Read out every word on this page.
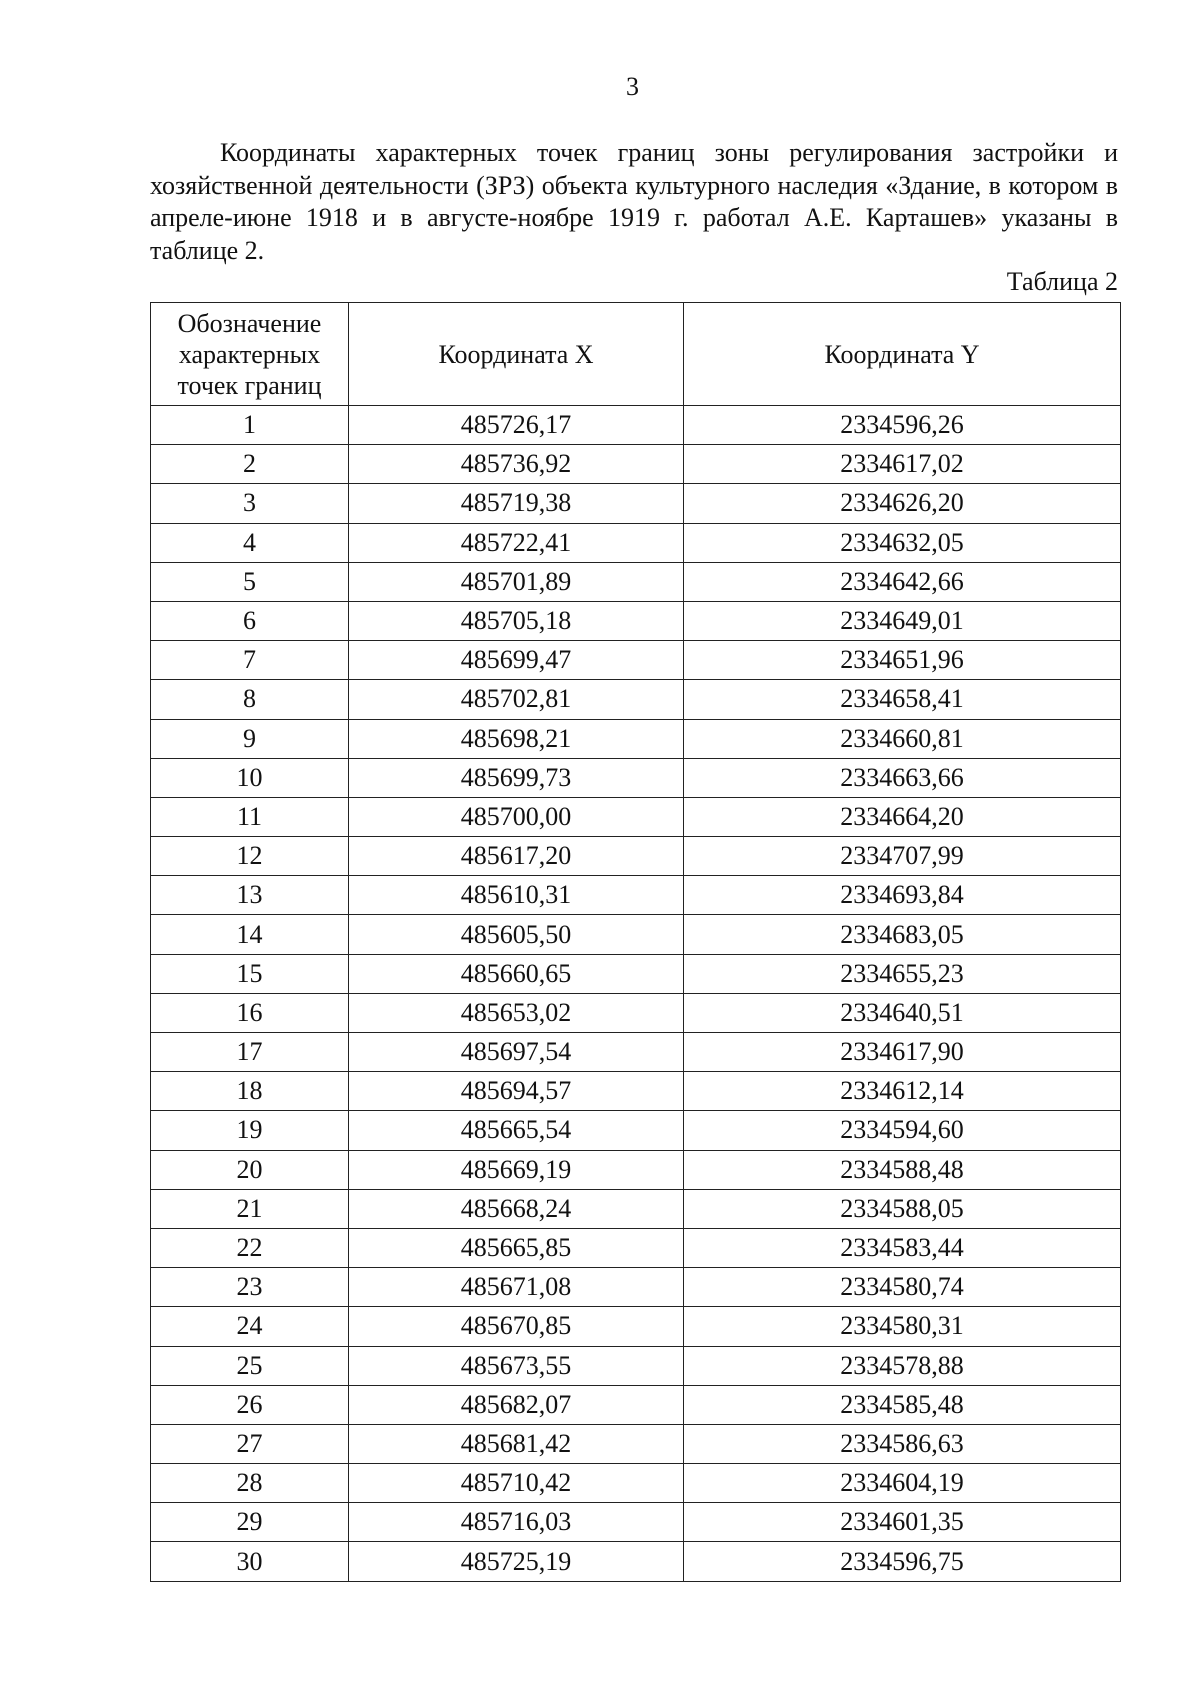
3

Координаты характерных точек границ зоны регулирования застройки и хозяйственной деятельности (ЗРЗ) объекта культурного наследия «Здание, в котором в апреле-июне 1918 и в августе-ноябре 1919 г. работал А.Е. Карташев» указаны в таблице 2.

Таблица 2
Обозначение характерных точек границ	Координата X	Координата Y
1	485726,17	2334596,26
2	485736,92	2334617,02
3	485719,38	2334626,20
4	485722,41	2334632,05
5	485701,89	2334642,66
6	485705,18	2334649,01
7	485699,47	2334651,96
8	485702,81	2334658,41
9	485698,21	2334660,81
10	485699,73	2334663,66
11	485700,00	2334664,20
12	485617,20	2334707,99
13	485610,31	2334693,84
14	485605,50	2334683,05
15	485660,65	2334655,23
16	485653,02	2334640,51
17	485697,54	2334617,90
18	485694,57	2334612,14
19	485665,54	2334594,60
20	485669,19	2334588,48
21	485668,24	2334588,05
22	485665,85	2334583,44
23	485671,08	2334580,74
24	485670,85	2334580,31
25	485673,55	2334578,88
26	485682,07	2334585,48
27	485681,42	2334586,63
28	485710,42	2334604,19
29	485716,03	2334601,35
30	485725,19	2334596,75
